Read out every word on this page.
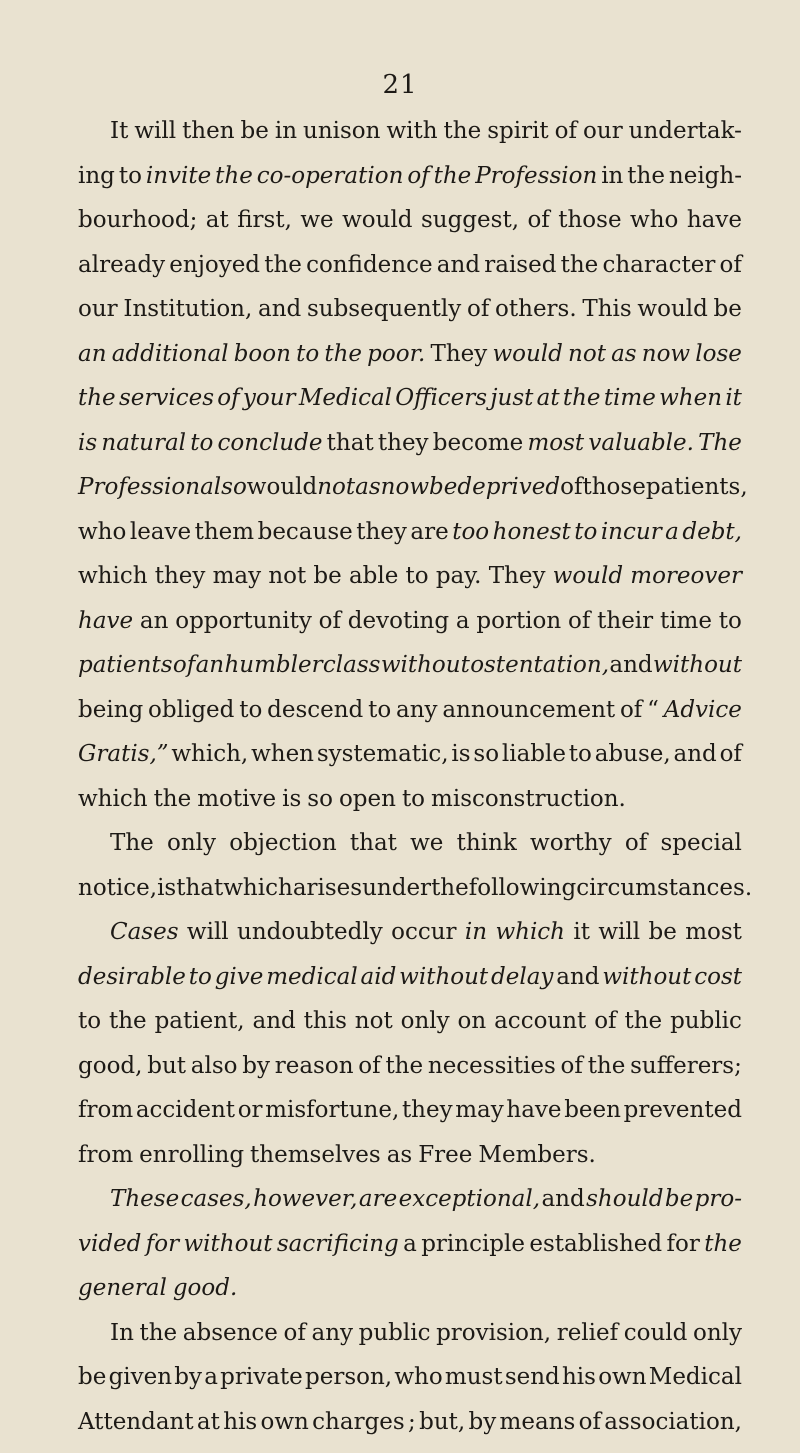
21

It will then be in unison with the spirit of our undertak-
ing to invite the co-operation of the Profession in the neigh-
bourhood; at first, we would suggest, of those who have
already enjoyed the confidence and raised the character of
our Institution, and subsequently of others. This would be
an additional boon to the poor. They would not as now lose
the services of your Medical Officers just at the time when it
is natural to conclude that they become most valuable. The
Profession also would not as now be deprived of those patients,
who leave them because they are too honest to incur a debt,
which they may not be able to pay. They would moreover
have an opportunity of devoting a portion of their time to
patients of an humbler class without ostentation, and without
being obliged to descend to any announcement of “ Advice
Gratis,” which, when systematic, is so liable to abuse, and of
which the motive is so open to misconstruction.
The only objection that we think worthy of special
notice, is that which arises under the following circumstances.
Cases will undoubtedly occur in which it will be most
desirable to give medical aid without delay and without cost
to the patient, and this not only on account of the public
good, but also by reason of the necessities of the sufferers;
from accident or misfortune, they may have been prevented
from enrolling themselves as Free Members.
These cases, however, are exceptional, and should be pro-
vided for without sacrificing a principle established for the
general good.
In the absence of any public provision, relief could only
be given by a private person, who must send his own Medical
Attendant at his own charges ; but, by means of association,
